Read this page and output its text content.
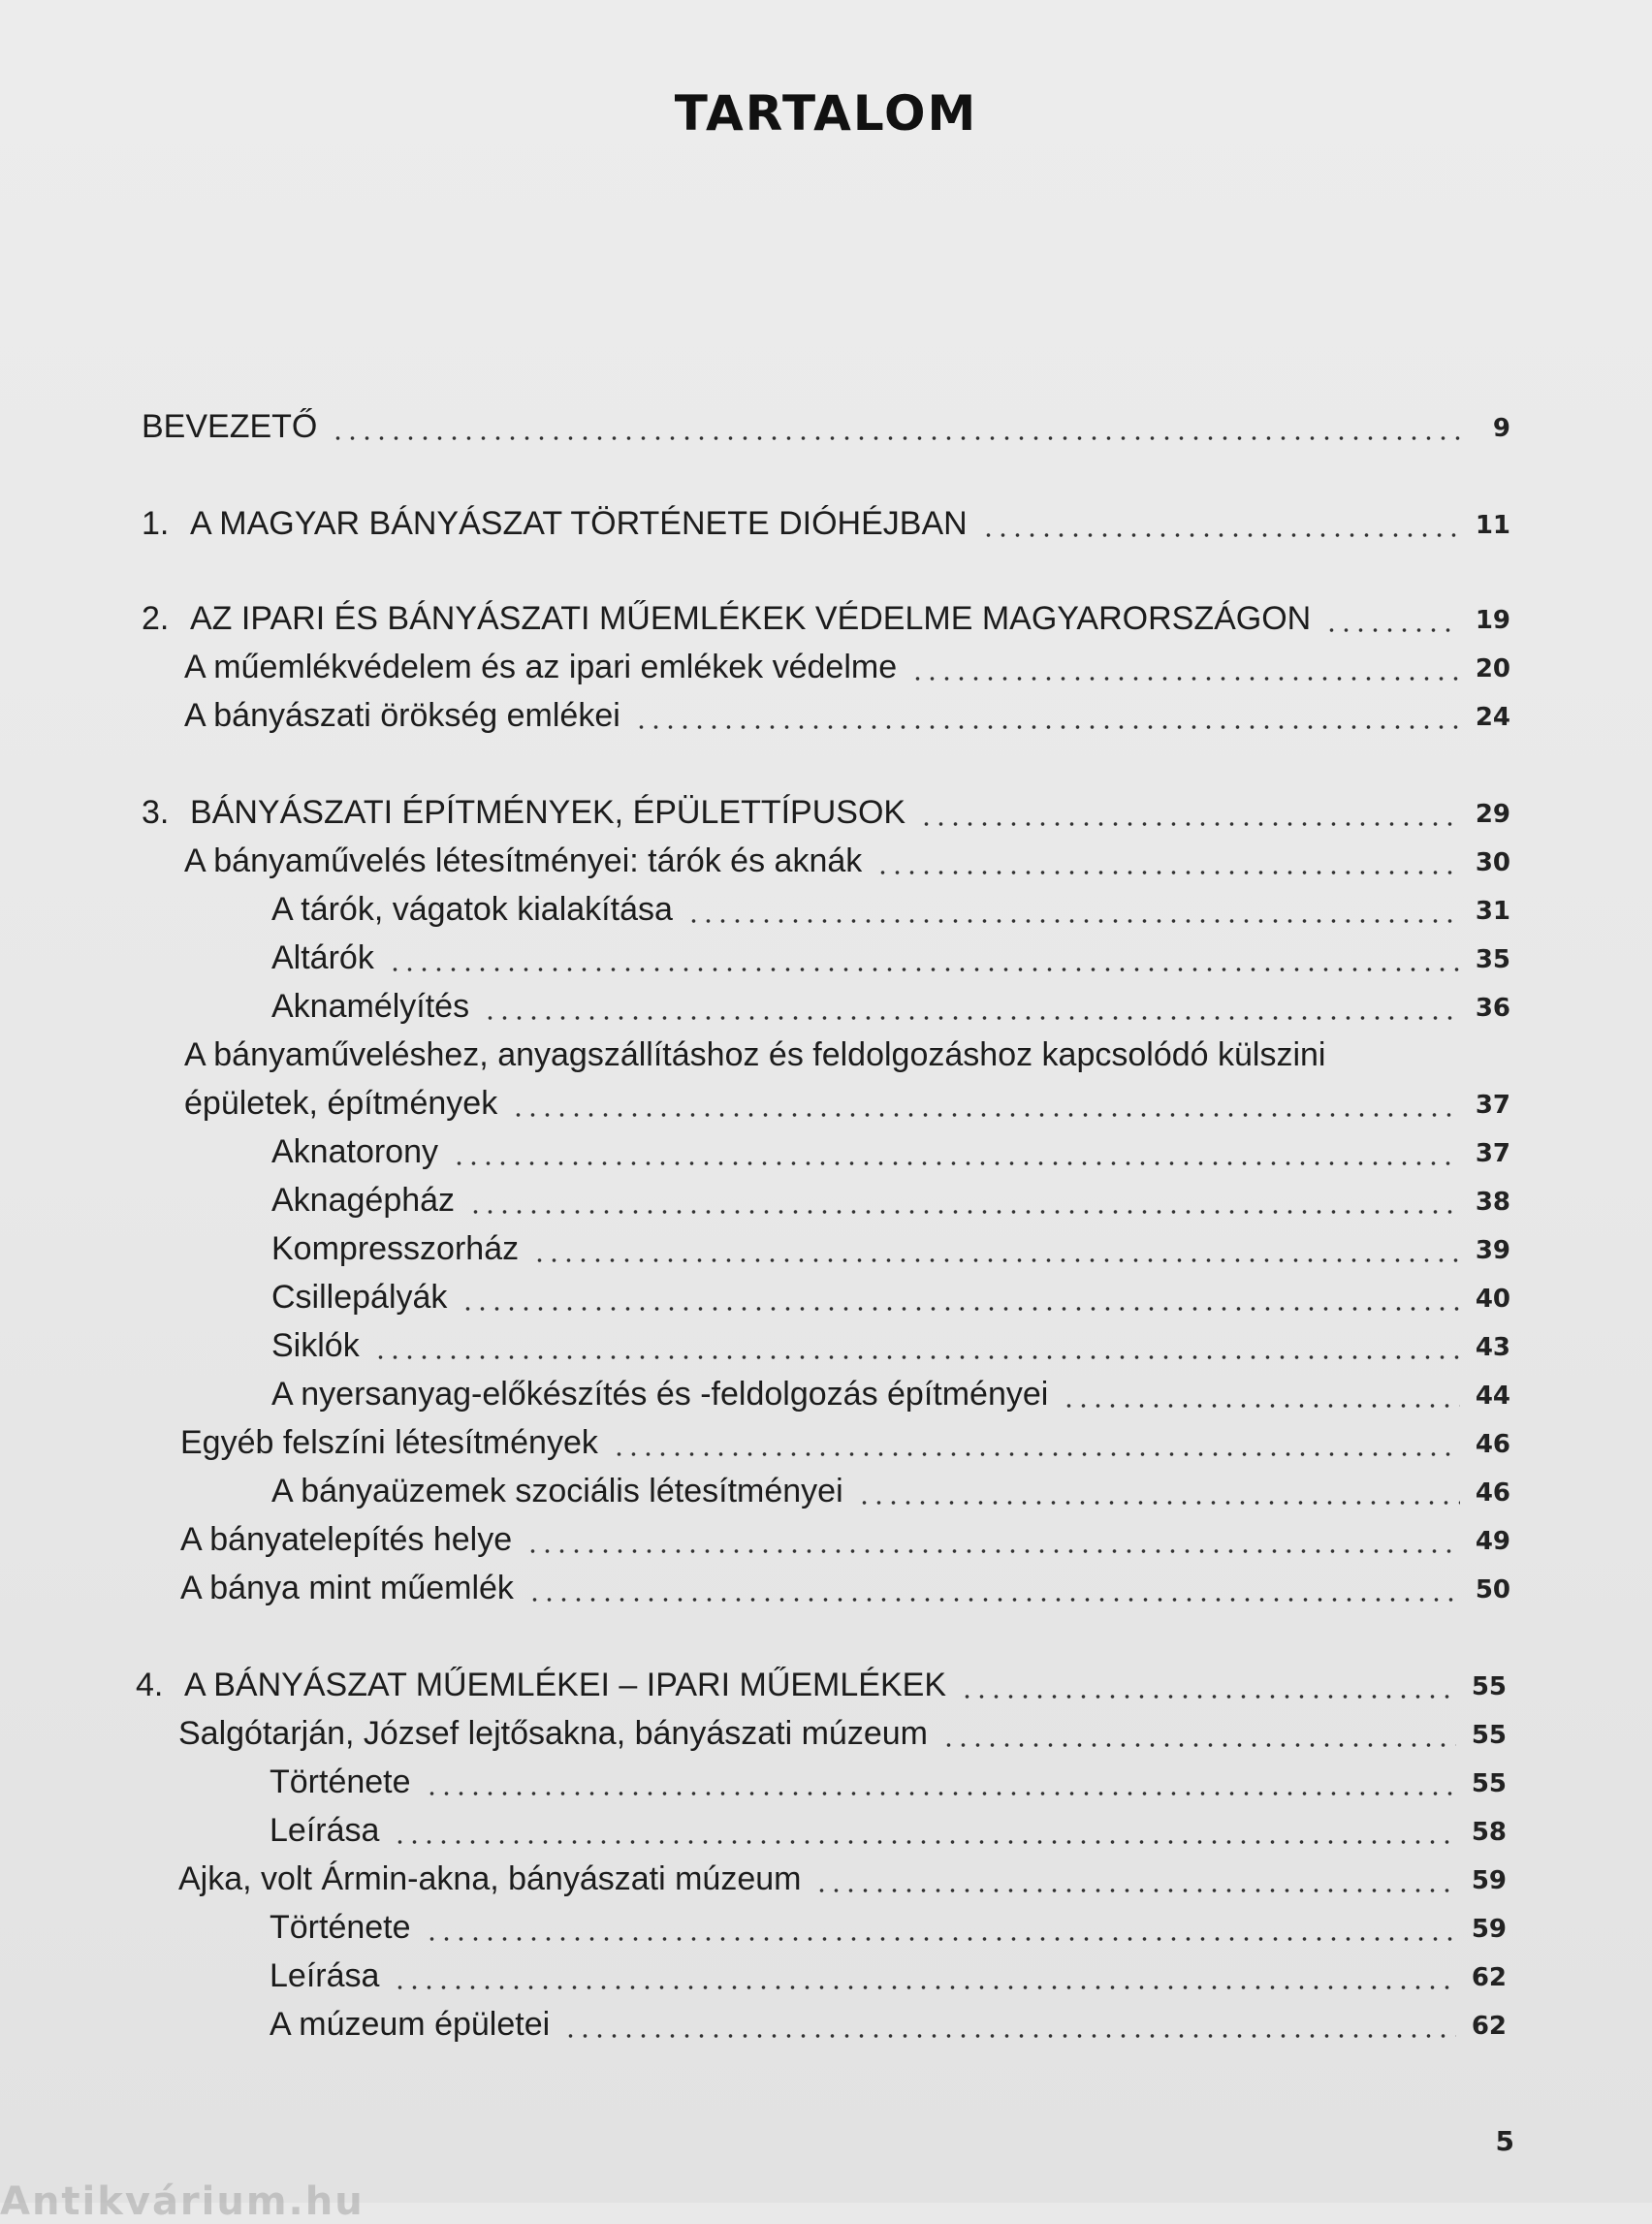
TARTALOM
BEVEZETŐ	9
1. A MAGYAR BÁNYÁSZAT TÖRTÉNETE DIÓHÉJBAN	11
2. AZ IPARI ÉS BÁNYÁSZATI MŰEMLÉKEK VÉDELME MAGYARORSZÁGON	19
A műemlékvédelem és az ipari emlékek védelme	20
A bányászati örökség emlékei	24
3. BÁNYÁSZATI ÉPÍTMÉNYEK, ÉPÜLETTÍPUSOK	29
A bányaművelés létesítményei: tárók és aknák	30
A tárók, vágatok kialakítása	31
Altárók	35
Aknamélyítés	36
A bányaműveléshez, anyagszállításhoz és feldolgozáshoz kapcsolódó külszini
épületek, építmények	37
Aknatorony	37
Aknagépház	38
Kompresszorház	39
Csillepályák	40
Siklók	43
A nyersanyag-előkészítés és -feldolgozás építményei	44
Egyéb felszíni létesítmények	46
A bányaüzemek szociális létesítményei	46
A bányatelepítés helye	49
A bánya mint műemlék	50
4. A BÁNYÁSZAT MŰEMLÉKEI – IPARI MŰEMLÉKEK	55
Salgótarján, József lejtősakna, bányászati múzeum	55
Története	55
Leírása	58
Ajka, volt Ármin-akna, bányászati múzeum	59
Története	59
Leírása	62
A múzeum épületei	62
5
Antikvárium.hu
